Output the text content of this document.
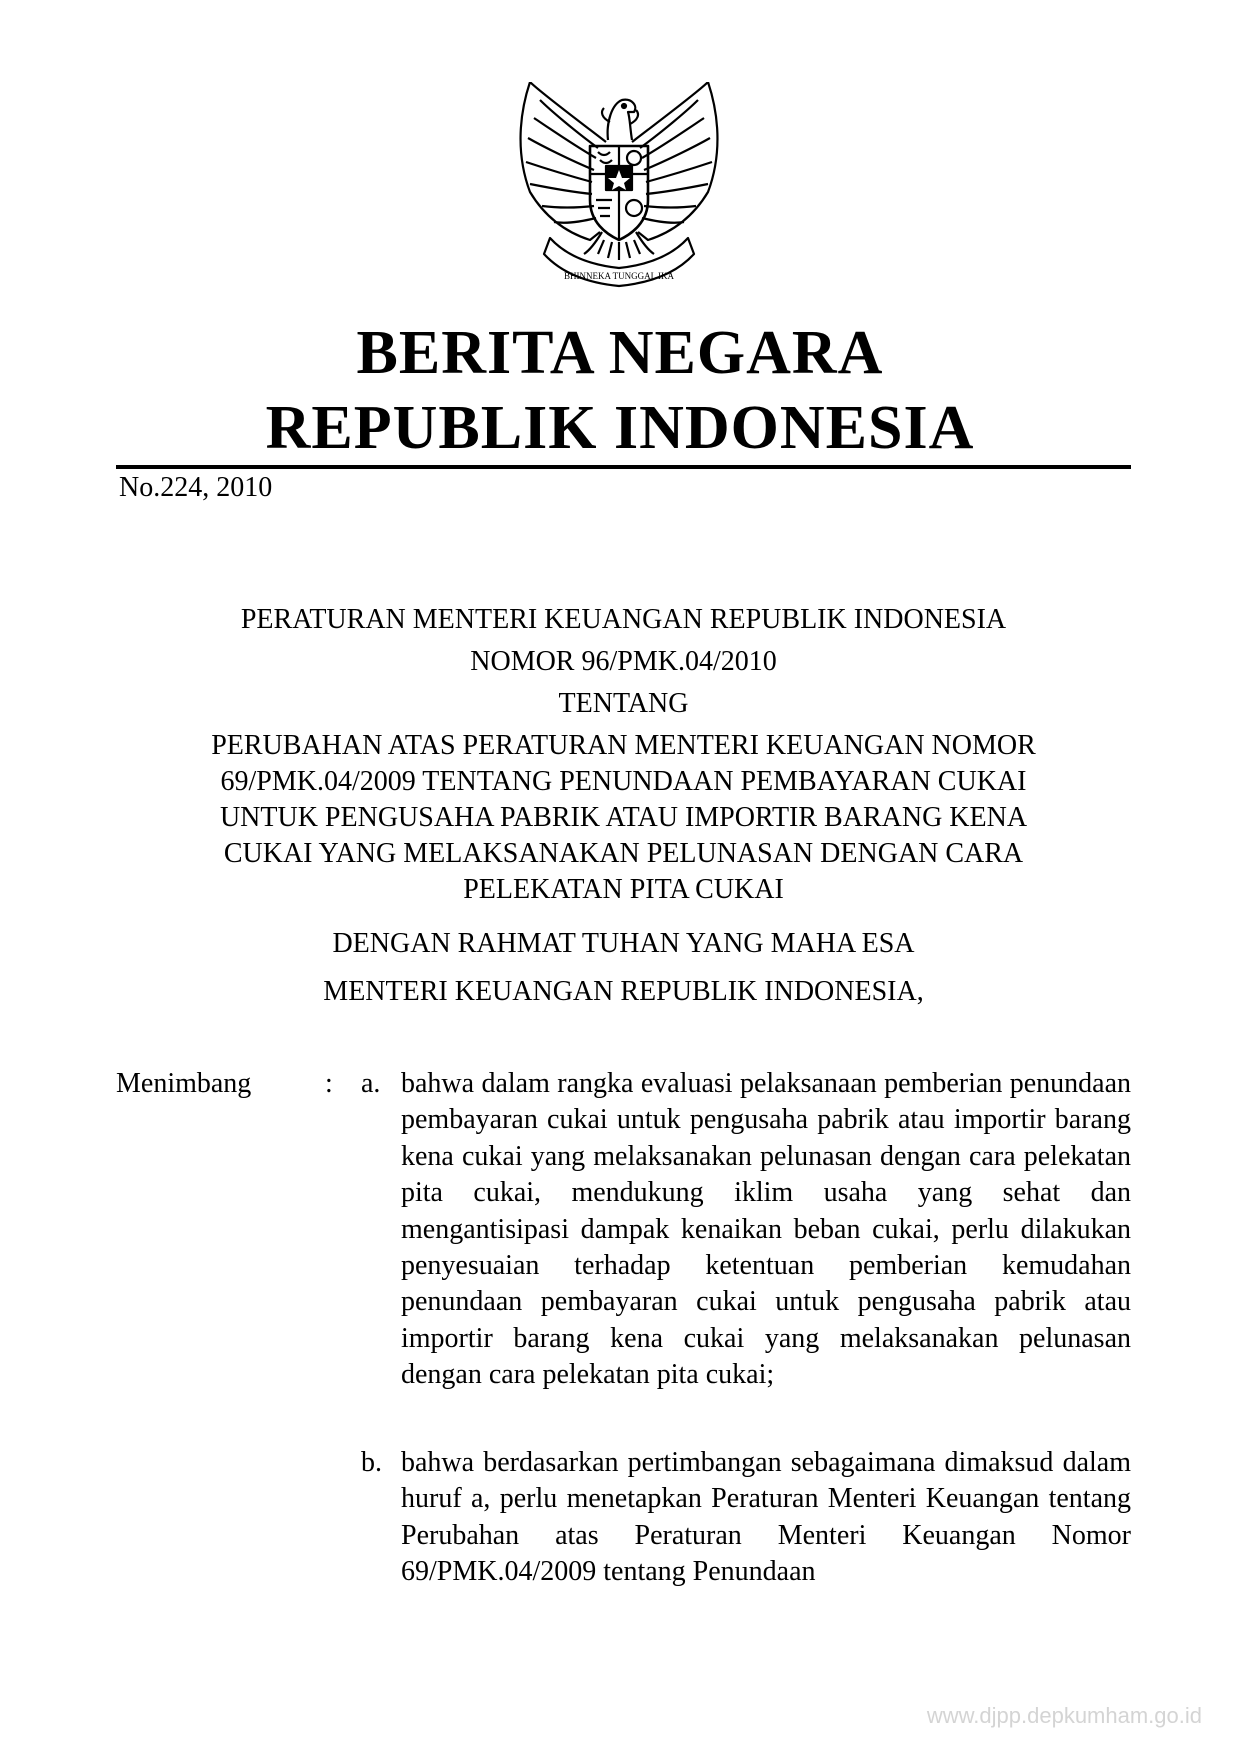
BHINNEKA TUNGGAL IKA
BERITA NEGARA
REPUBLIK INDONESIA
No.224, 2010
PERATURAN MENTERI KEUANGAN REPUBLIK INDONESIA
NOMOR 96/PMK.04/2010
TENTANG
PERUBAHAN ATAS PERATURAN MENTERI KEUANGAN NOMOR
69/PMK.04/2009 TENTANG PENUNDAAN PEMBAYARAN CUKAI
UNTUK PENGUSAHA PABRIK ATAU IMPORTIR BARANG KENA
CUKAI YANG MELAKSANAKAN PELUNASAN DENGAN CARA
PELEKATAN PITA CUKAI
DENGAN RAHMAT TUHAN YANG MAHA ESA
MENTERI KEUANGAN REPUBLIK INDONESIA,
Menimbang	: a. bahwa dalam rangka evaluasi pelaksanaan pemberian penundaan pembayaran cukai untuk pengusaha pabrik atau importir barang kena cukai yang melaksanakan pelunasan dengan cara pelekatan pita cukai, mendukung iklim usaha yang sehat dan mengantisipasi dampak kenaikan beban cukai, perlu dilakukan penyesuaian terhadap ketentuan pemberian kemudahan penundaan pembayaran cukai untuk pengusaha pabrik atau importir barang kena cukai yang melaksanakan pelunasan dengan cara pelekatan pita cukai;
b. bahwa berdasarkan pertimbangan sebagaimana dimaksud dalam huruf a, perlu menetapkan Peraturan Menteri Keuangan tentang Perubahan atas Peraturan Menteri Keuangan Nomor 69/PMK.04/2009 tentang Penundaan
www.djpp.depkumham.go.id
